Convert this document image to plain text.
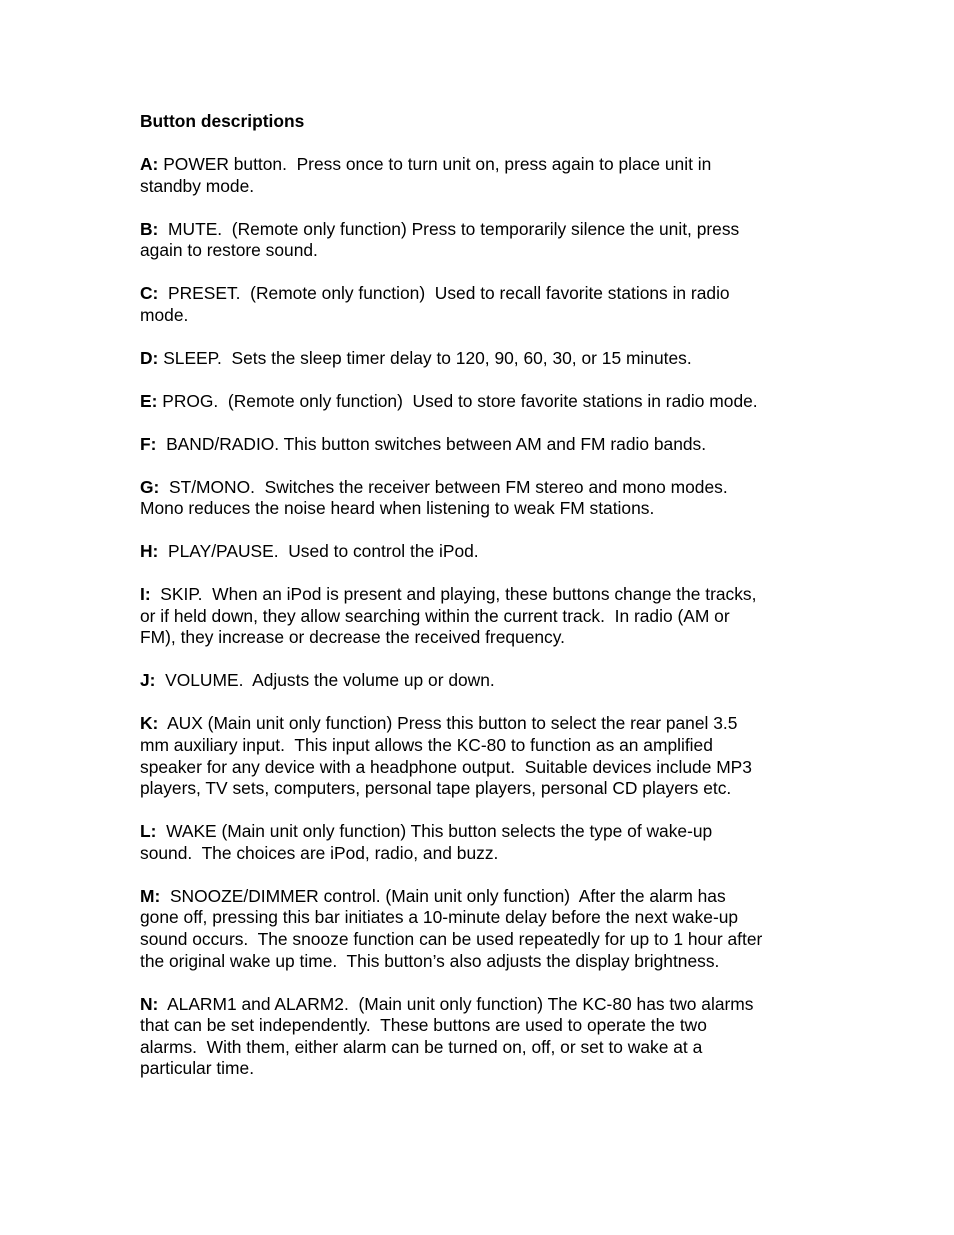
Button descriptions

A: POWER button.  Press once to turn unit on, press again to place unit in
standby mode.

B:  MUTE.  (Remote only function) Press to temporarily silence the unit, press
again to restore sound.

C:  PRESET.  (Remote only function)  Used to recall favorite stations in radio
mode.

D: SLEEP.  Sets the sleep timer delay to 120, 90, 60, 30, or 15 minutes.

E: PROG.  (Remote only function)  Used to store favorite stations in radio mode.

F:  BAND/RADIO. This button switches between AM and FM radio bands.

G:  ST/MONO.  Switches the receiver between FM stereo and mono modes.
Mono reduces the noise heard when listening to weak FM stations.

H:  PLAY/PAUSE.  Used to control the iPod.

I:  SKIP.  When an iPod is present and playing, these buttons change the tracks,
or if held down, they allow searching within the current track.  In radio (AM or
FM), they increase or decrease the received frequency.

J:  VOLUME.  Adjusts the volume up or down.

K:  AUX (Main unit only function) Press this button to select the rear panel 3.5
mm auxiliary input.  This input allows the KC-80 to function as an amplified
speaker for any device with a headphone output.  Suitable devices include MP3
players, TV sets, computers, personal tape players, personal CD players etc.

L:  WAKE (Main unit only function) This button selects the type of wake-up
sound.  The choices are iPod, radio, and buzz.

M:  SNOOZE/DIMMER control. (Main unit only function)  After the alarm has
gone off, pressing this bar initiates a 10-minute delay before the next wake-up
sound occurs.  The snooze function can be used repeatedly for up to 1 hour after
the original wake up time.  This button’s also adjusts the display brightness.

N:  ALARM1 and ALARM2.  (Main unit only function) The KC-80 has two alarms
that can be set independently.  These buttons are used to operate the two
alarms.  With them, either alarm can be turned on, off, or set to wake at a
particular time.
